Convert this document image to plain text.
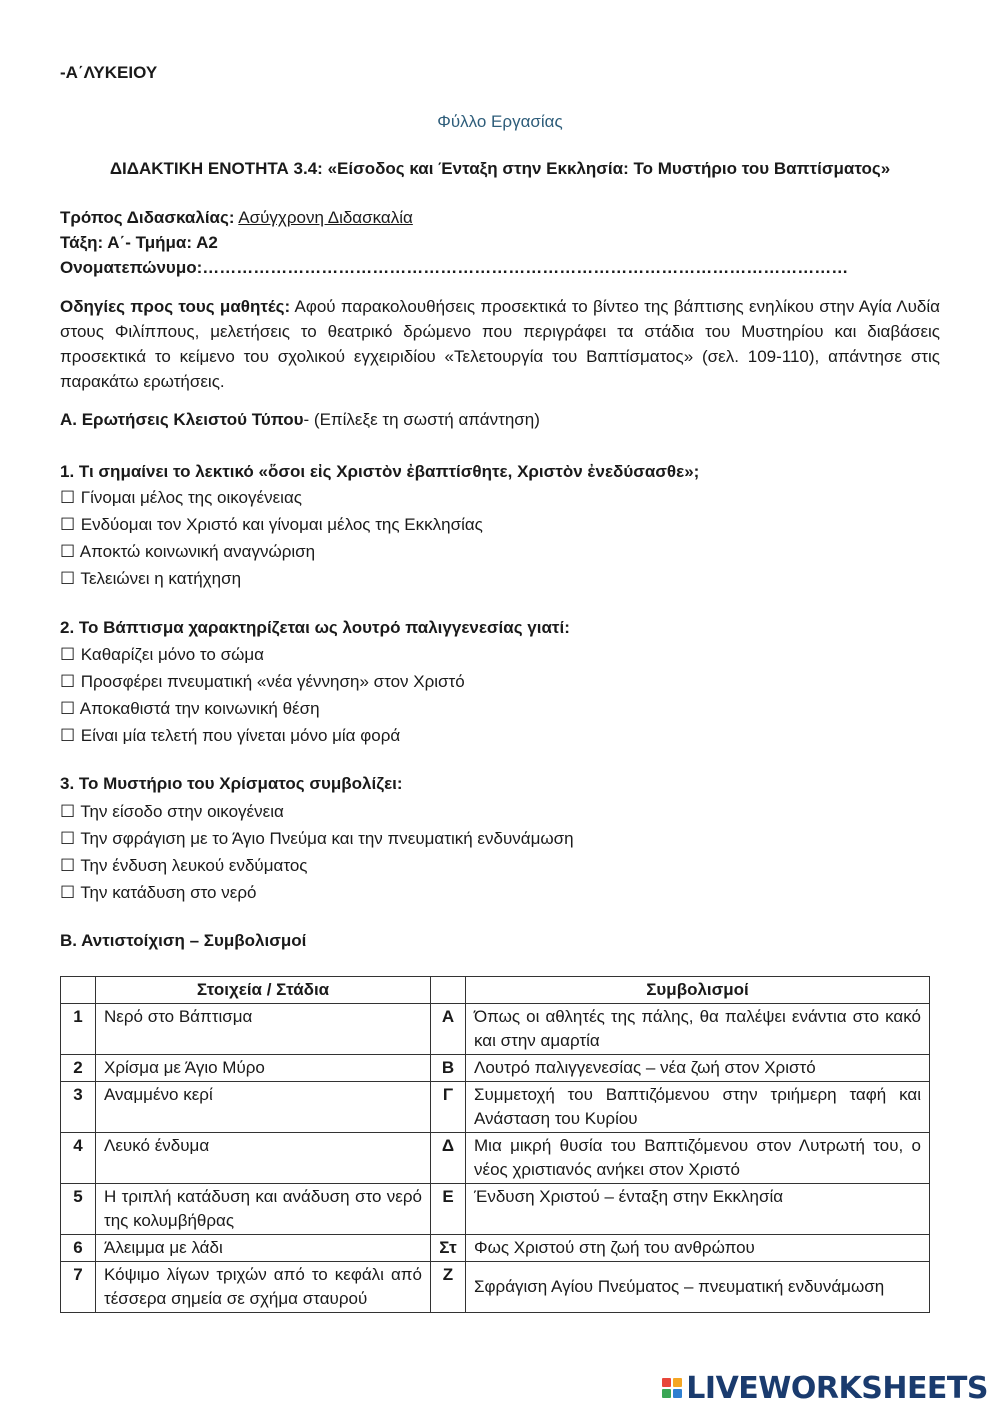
-Α΄ΛΥΚΕΙΟΥ
Φύλλο Εργασίας
ΔΙΔΑΚΤΙΚΗ ΕΝΟΤΗΤΑ 3.4: «Είσοδος και Ένταξη στην Εκκλησία: Το Μυστήριο του Βαπτίσματος»
Τρόπος Διδασκαλίας: Ασύγχρονη Διδασκαλία
Τάξη: Α΄- Τμήμα: Α2
Ονοματεπώνυμο:……………………………………………………………………………………………………
Οδηγίες προς τους μαθητές: Αφού παρακολουθήσεις προσεκτικά το βίντεο της βάπτισης ενηλίκου στην Αγία Λυδία στους Φιλίππους, μελετήσεις το θεατρικό δρώμενο που περιγράφει τα στάδια του Μυστηρίου και διαβάσεις προσεκτικά το κείμενο του σχολικού εγχειριδίου «Τελετουργία του Βαπτίσματος» (σελ. 109-110), απάντησε στις παρακάτω ερωτήσεις.
Α. Ερωτήσεις Κλειστού Τύπου- (Επίλεξε τη σωστή απάντηση)
1. Τι σημαίνει το λεκτικό «ὅσοι εἰς Χριστὸν ἐβαπτίσθητε, Χριστὸν ἐνεδύσασθε»;
☐ Γίνομαι μέλος της οικογένειας
☐ Ενδύομαι τον Χριστό και γίνομαι μέλος της Εκκλησίας
☐ Αποκτώ κοινωνική αναγνώριση
☐ Τελειώνει η κατήχηση
2. Το Βάπτισμα χαρακτηρίζεται ως λουτρό παλιγγενεσίας γιατί:
☐ Καθαρίζει μόνο το σώμα
☐ Προσφέρει πνευματική «νέα γέννηση» στον Χριστό
☐ Αποκαθιστά την κοινωνική θέση
☐ Είναι μία τελετή που γίνεται μόνο μία φορά
3. Το Μυστήριο του Χρίσματος συμβολίζει:
☐ Την είσοδο στην οικογένεια
☐ Την σφράγιση με το Άγιο Πνεύμα και την πνευματική ενδυνάμωση
☐ Την ένδυση λευκού ενδύματος
☐ Την κατάδυση στο νερό
Β. Αντιστοίχιση – Συμβολισμοί
	Στοιχεία / Στάδια		Συμβολισμοί
1	Νερό στο Βάπτισμα	Α	Όπως οι αθλητές της πάλης, θα παλέψει ενάντια στο κακό και στην αμαρτία
2	Χρίσμα με Άγιο Μύρο	Β	Λουτρό παλιγγενεσίας – νέα ζωή στον Χριστό
3	Αναμμένο κερί	Γ	Συμμετοχή του Βαπτιζόμενου στην τριήμερη ταφή και Ανάσταση του Κυρίου
4	Λευκό ένδυμα	Δ	Μια μικρή θυσία του Βαπτιζόμενου στον Λυτρωτή του, ο νέος χριστιανός ανήκει στον Χριστό
5	Η τριπλή κατάδυση και ανάδυση στο νερό της κολυμβήθρας	Ε	Ένδυση Χριστού – ένταξη στην Εκκλησία
6	Άλειμμα με λάδι	Στ	Φως Χριστού στη ζωή του ανθρώπου
7	Κόψιμο λίγων τριχών από το κεφάλι από τέσσερα σημεία σε σχήμα σταυρού	Ζ	Σφράγιση Αγίου Πνεύματος – πνευματική ενδυνάμωση
LIVEWORKSHEETS
